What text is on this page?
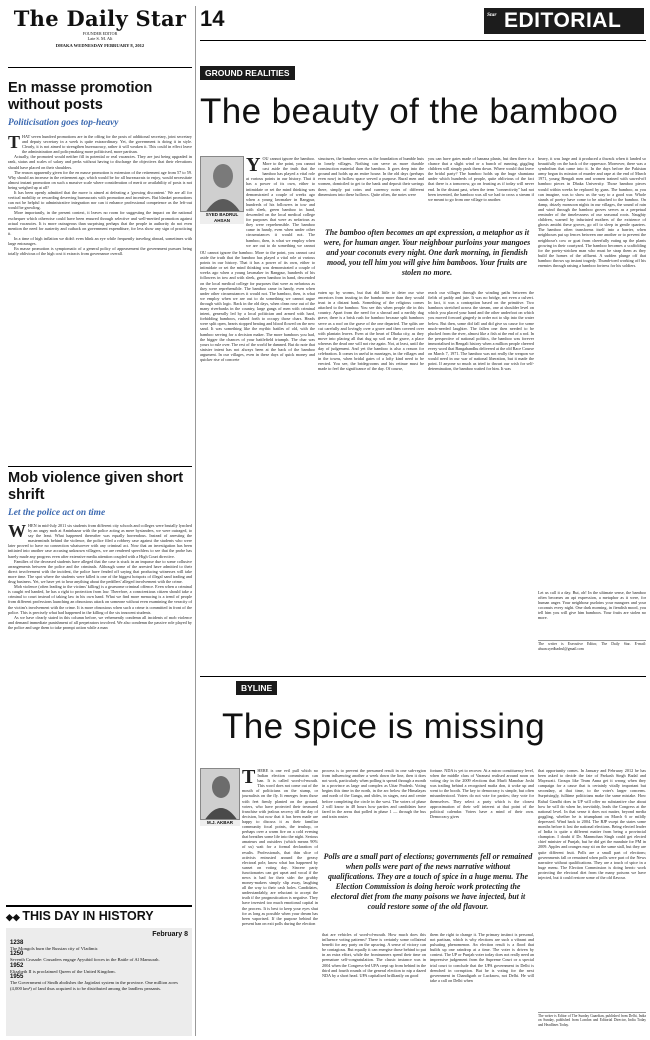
The Daily Star
FOUNDER EDITOR
Late S. M. Ali
DHAKA WEDNESDAY FEBRUARY 8, 2012
En masse promotion without posts
Politicisation goes top-heavy

THAT seven hundred promotions are in the offing for the posts of additional secretary, joint secretary and deputy secretary in a week is quite extraordinary. Yet, the government is doing it in style. Clearly, it is not aimed to strengthen bureaucracy, rather it will weaken it. This could in effect leave the administration and policymaking more politicised, more partisan.

Actually, the promoted would neither fill in potential or real vacancies. They are just being upgraded in rank, status and scales of salary and perks without having to discharge the objectives that their elevations should have placed on their shoulders.

The reason apparently given for the en masse promotion is extension of the retirement age from 57 to 59. Why should an increase in the retirement age, which would be for all bureaucrats to enjoy, would necessitate almost instant promotion on such a massive scale where consideration of merit or availability of posts is not being weighed up at all?

It has been openly admitted that the move is aimed at defeating a 'growing discontent.' We are all for vertical mobility or rewarding deserving bureaucrats with promotion and incentives. But blanket promotions can not be helpful to administrative integration nor can it enhance professional competence as the left-out would be growling.

More importantly, in the present context, it leaves no room for suggesting the impact on the national exchequer which otherwise could have been ensured through selective and well-merited promotion against actual vacancies. It is more outrageous than surprising perhaps that the people in authority do not even mention the need for austerity and cutback on government expenditure, for less show any sign of practicing it.

In a time of high inflation we didn't even blink an eye while frequently traveling abroad, sometimes with large entourages.

En masse promotion is symptomatic of a general policy of appeasement the government pursues being totally oblivious of the high cost it extracts from governance overall.

Mob violence given short shrift
Let the police act on time

WHEN in mid-July 2011 six students from different city schools and colleges were brutally lynched by an angry mob at Aminbazar with the police acting as mere bystanders, we were outraged, to say the least. What happened thereafter was equally horrendous. Instead of arresting the masterminds behind the violence, the police filed a robbery case against the students who were later proved to have no connection whatsoever with any criminal act. Now that an investigation has been initiated into another case accusing unknown villagers, we are rendered speechless to see that the probe has barely made any progress even after extensive media attention coupled with a High Court directive.

Families of the deceased students have alleged that the case is stuck in an impasse due to some collusive arrangements between the police and the criminals. Although some of the arrested have admitted to their direct involvement with the incident, the police have fended off saying that producing witnesses will take more time. The spot where the students were killed is one of the biggest hotspots of illegal sand trading and drug business. Yet, we have yet to hear anything about the peddlers' alleged involvement with the crime.

Mob violence (often leading to the victims' killing) is a gruesome criminal offence. Even when a criminal is caught red handed, he has a right to protection from law. Therefore, a conscientious citizen should take a criminal to court instead of taking law in his own hand. What we find more menacing is a trend of people from different professions launching an obnoxious attack on someone without even examining the veracity of the victim's involvement with the crime. It is more obnoxious when such a crime is committed in front of the police. This is precisely what had happened in the killing of the six innocent students.

As we have clearly stated in this column before, we vehemently condemn all incidents of mob violence and demand immediate punishment of all perpetrators involved. We also condemn the passive role played by the police and urge them to take prompt action while a man

◆◆ THIS DAY IN HISTORY
February 8
1238
The Mongols burn the Russian city of Vladimir.
1250
Seventh Crusade: Crusaders engage Ayyubid forces in the Battle of Al Mansurah.
1952
Elizabeth II is proclaimed Queen of the United Kingdom.
1955
The Government of Sindh abolishes the Jagirdari system in the province. One million acres (4,000 km²) of land thus acquired is to be distributed among the landless peasants.
14	EDITORIAL
Star
GROUND REALITIES
The beauty of the bamboo
SYED BADRUL AHSAN

YOU cannot ignore the bamboo. More to the point, you cannot cast aside the truth that the bamboo has played a vital role at various points in our history. That it has a power of its own, either to intimidate or set the mind thinking was demonstrated a couple of weeks ago when a young lawmaker in Rangpur, hundreds of his followers in tow and with sleek, green bamboo in hand, descended on the local medical college for purposes that were as nefarious as they were reprehensible. The bamboo came in handy, even when under other circumstances it would not. The bamboo, then, is what we employ when we are out to do something we cannot

OU cannot ignore the bamboo. More to the point, you cannot cast aside the truth that the bamboo has played a vital role at various points in our history. That it has a power of its own, either to intimidate or set the mind thinking was demonstrated a couple of weeks ago when a young lawmaker in Rangpur, hundreds of his followers in tow and with sleek, green bamboo in hand, descended on the local medical college for purposes that were as nefarious as they were reprehensible. The bamboo came in handy, even when under other circumstances it would not. The bamboo, then, is what we employ when we are out to do something we cannot argue through with logic. Back in the old days, when clean rose out of the many riverbanks in the country, large gangs of men with criminal intent, generally led by a local politician and armed with hard, forbidding bamboos, rushed forth to occupy those chars. Heads were split open, hearts stopped beating and blood flowed on the new sand. It was something like the mythic battles of old, with the bamboo serving for a decision maker. The more bamboos you had, the bigger the chances of your battlefield triumph. The char was yours to rule over. The rest of the world be damned. But do note that sinister intent has not always been at the back of the bamboo argument. In our villages, even in these days of quick money and quicker rise of concrete

structures, the bamboo serves as the foundation of humble huts in lonely villages. Nothing can serve as more durable construction material than the bamboo. It goes deep into the ground and holds up an entire house. In the old days (perhaps even now) in hollow space served a purpose. Rural men and women, domiciled to get to the bank and deposit their savings there, simply put coins and currency notes of different dimensions into these hollows. Quite often, the notes were

you can have gates made of banana plants, but then there is a chance that a slight wind or a bunch of running, giggling children will simply push them down. Where would that leave the bridal party? The bamboo holds up the huge shamiana under which hundreds of people, quite oblivious of the fact that there is a tomorrow, go on feasting as if today will never end. In the distant past, when the term "connectivity" had not been invented, the bamboo was all we had to cross a stream if we meant to go from one village to another.

The bamboo often becomes an apt expression, a metaphor as it were, for human anger. Your neighbour purloins your mangoes and your coconuts every night. One dark morning, in fiendish mood, you tell him you will give him bamboos. Your fruits are stolen no more.

eaten up by worms, but that did little to deter our wise ancestors from trusting in the bamboo more than they would trust in a distant bank. Something of the religious comes attached to the bamboo. You see this when people die in this country. Apart from the need for a shroud and a earthly dug grave, there is a brisk rush for bamboo because split bamboos serve as a roof on the grave of the one departed. The splits are cut carefully and lovingly over a grave and then covered over with plantain leaves. Even at the heart of Dhaka city, as they move into placing all that dug up soil on the grave, a place whereas the dead one will not rise again. Not, at least, until the day of judgement. And yet the bamboo is also a reason for celebration. It comes in useful in marriages, in the villages and in the towns, when bridal gates of a lofty kind need to be erected. You see, the bridegrooms and his retinue must be made to feel the significance of the day. Of course,

reach our villages through the winding paths between the fields of paddy and jute. It was no bridge, not even a culvert. In fact, it was a contraption based on the primitive. Two bamboos stretched across the stream, one at shoulder level on which you placed your hand and the other underfoot on which you moved forward gingerly in order not to slip into the water below. But then, some did fall and did give us cause for some much-needed laughter. The fallen one then needed to be plucked from the river, almost like a fish at the end of a rod. In the perspective of national politics, the bamboo was forever immortalised in Bengali history when a million people cheered every word that Bangabandhu delivered at the old Race Course on March 7, 1971. The bamboo was not really the weapon we would need in our war of national liberation, but it made the point. If anyone so much as tried to thwart our wish for self-determination, the bamboo waited for him. It was

heavy, it was large and it produced a thwack when it landed so beautifully on the back of the oppressor. Moreover, there was a symbolism that came into it. In the days before the Pakistan army began its mission of murder and rape at the end of March 1971, young Bengali men and women trained with sawed-off bamboo pieces in Dhaka University. Those bamboo pieces would within weeks be replaced by guns. The bamboo, as you can imagine, was to show us the way to a good war. Whole stands of poetry have come to be attached to the bamboo. On damp, drizzly monsoon nights in our villages, the sound of rain and wind through the bamboo groves serves as a perpetual reminder of the timelessness of our seasonal roots. Naughty children, warned by infuriated mothers of the existence of ghosts amidst these groves, go off to sleep in gentle quarters. The bamboo often transforms itself into a barrier, when neighbours put up fences between one another or to prevent the neighbour's cow or goat from cheerfully eating up the plants growing in their courtyard. The bamboo becomes a scaffolding for the poetry-stricken man who must be strap them as they build the homes of the affluent. A sudden plunge off that bamboo throws up instant tragedy. Thumb-toed working off his enemies through raising a bamboo fortress for his soldiers.

Let us call it a day. But, oh! In the ultimate sense, the bamboo often becomes an apt expression, a metaphor as it were, for human anger. Your neighbour purloins your mangoes and your coconuts every night. One dark morning, in fiendish mood, you tell him you will give him bamboos. Your fruits are stolen no more.

The writer is Executive Editor, The Daily Star. E-mail: ahsan.syedbadrul@gmail.com
BYLINE
The spice is missing
M.J. AKBAR

THERE is one evil pull which no Indian election commission can ban. It is called word-of-mouth. This word does not come out of the mouth of politicians on the stump, or journalists on the fly. It emerges from those with feet firmly planted on the ground, voters, who have protected their treasured franchise with jealous secrecy till the day of decision, but now that it has been made are happy to discuss it as their familiar community focal points, the teashop, or perhaps over a warm fire on a cold evening that breathes some life into the night. Serious amateurs and outsiders (which means 90% of us) wait for a formal declaration of results. Professionals, that thin slice of activists entrusted around the greasy electoral pole, know what has happened by sunset on voting day. Sincere party functionaries can get upset and vocal if the news is bad for their side: the grubby money-makers simply slip away, laughing all the way to their cash holes. Candidates, understandably, are reluctant to accept the truth if the prognostication is negative. They have invested too much emotional capital in the process. It is best to keep your eyes shut for as long as possible when your dream has been vaporised. If the purpose behind the present ban on exit polls during the election

process is to prevent the presumed result in one sub-region from influencing another a week down the line, then it does not work, particularly when polling is spread through a month in a province as large and complex as Uttar Pradesh. Voting begins this time in the north, in the arc below the Himalayas and north of the Ganga, and slides, in stages, east and centre before completing the circle in the west. The voters of phase 2 will know in 48 hours how parties and candidates have fared in the areas that polled in phase 1 — through the bus and train routes

fortune. NDA is yet to recover. At a micro constituency level, when the middle class of Varanasi realised around noon on voting day in the 2009 elections that Murli Manohar Joshi was trailing behind a recognised mafia don, it woke up and went to the booth. The key to democracy is simple, but often misunderstood. Voters do not vote for parties; they vote for themselves. They select a party which is the closest approximation of their self interest at that point of the political calendar. Voters have a mind of their own. Democracy gives

Polls are a small part of elections; governments fell or remained when polls were part of the news narrative without qualifications. They are a touch of spice in a huge menu. The Election Commission is doing heroic work protecting the electoral diet from the many poisons we have injected, but it could restore some of the old flavour.

that are vehicles of word-of-mouth. How much does this influence voting patterns? There is certainly some collateral benefit for any party on the upswing. A sense of victory can be contagious. But equally it can energise those behind to put in an extra effort, while the frontrunners spend their time on premature self-congratulation. The classic instance was in 2004 when the Congress-led UPA crept up from behind in the third and fourth rounds of the general election to nip a dazed NDA by a short head. UPA capitalised brilliantly on good

them the right to change it. The primary instinct is personal, not partisan, which is why elections are such a vibrant and pulsating phenomenon. An election result is a flood that builds up one raindrop at a time. The voter is driven by context. The UP or Punjab voter today does not really need an impressive judgement from the Supreme Court or a special trial court to conclude that the UPA government in Delhi is drenched in corruption. But he is voting for the next government in Chandigarh or Lucknow, not Delhi. He will take a call on Delhi when

that opportunity comes. In January and February 2012 he has been asked to decide the fate of Parkash Singh Badal and Mayawati. Groups like Team Anna get it wrong when they campaign for a cause that is certainly vitally important but secondary, at that time, to the voter's larger concerns. Surprisingly, fulltime politicians make the same mistake. How Rahul Gandhi does in UP will offer no substantive clue about how he will do when he, inevitably, leads the Congress at the national level. In that sense it does not matter, beyond media goggling, whether he is triumphant on March 6 or mildly depressed. Wind back to 2004. The BJP swept the states some months before it lost the national elections. Being elected leader of India is quite a different matter from being a provincial champion. I doubt if Dr. Manmohan Singh could get elected chief minister of Punjab, but he did get the mandate for PM in 2009. Apples and oranges may sit on the same stall, but they are quite different fruit. Polls are a small part of elections; governments fall or remained when polls were part of the News narrative without qualifications. They are a touch of spice in a huge menu. The Election Commission is doing heroic work protecting the electoral diet from the many poisons we have injected, but it could restore some of the old flavour.

The writer is Editor of The Sunday Guardian, published from Delhi, India on Sunday, published from London and Editorial Director, India Today and Headlines Today.
